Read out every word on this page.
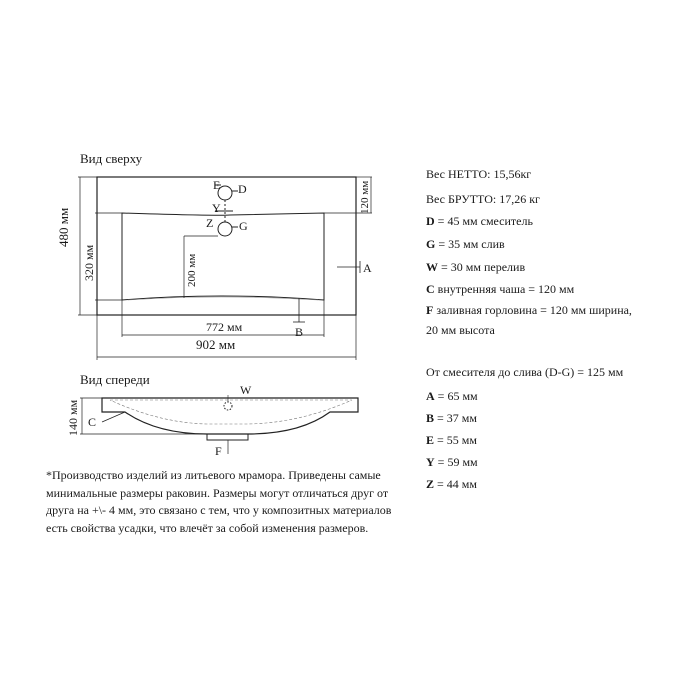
Вид сверху
480 мм
320 мм
120 мм
200 мм
772 мм
902 мм
E D
Y
Z G
A
B
Вид спереди
W
140 мм C
F
Вес НЕТТО: 15,56кг
Вес БРУТТО: 17,26 кг
D = 45 мм смеситель
G = 35 мм слив
W = 30 мм перелив
C внутренняя чаша = 120 мм
F заливная горловина = 120 мм ширина,
20 мм высота
От смесителя до слива (D-G) = 125 мм
A = 65 мм
B = 37 мм
E = 55 мм
Y = 59 мм
Z = 44 мм
*Производство изделий из литьевого мрамора. Приведены самые минимальные размеры раковин. Размеры могут отличаться друг от друга на +\- 4 мм, это связано с тем, что у композитных материалов есть свойства усадки, что влечёт за собой изменения размеров.
